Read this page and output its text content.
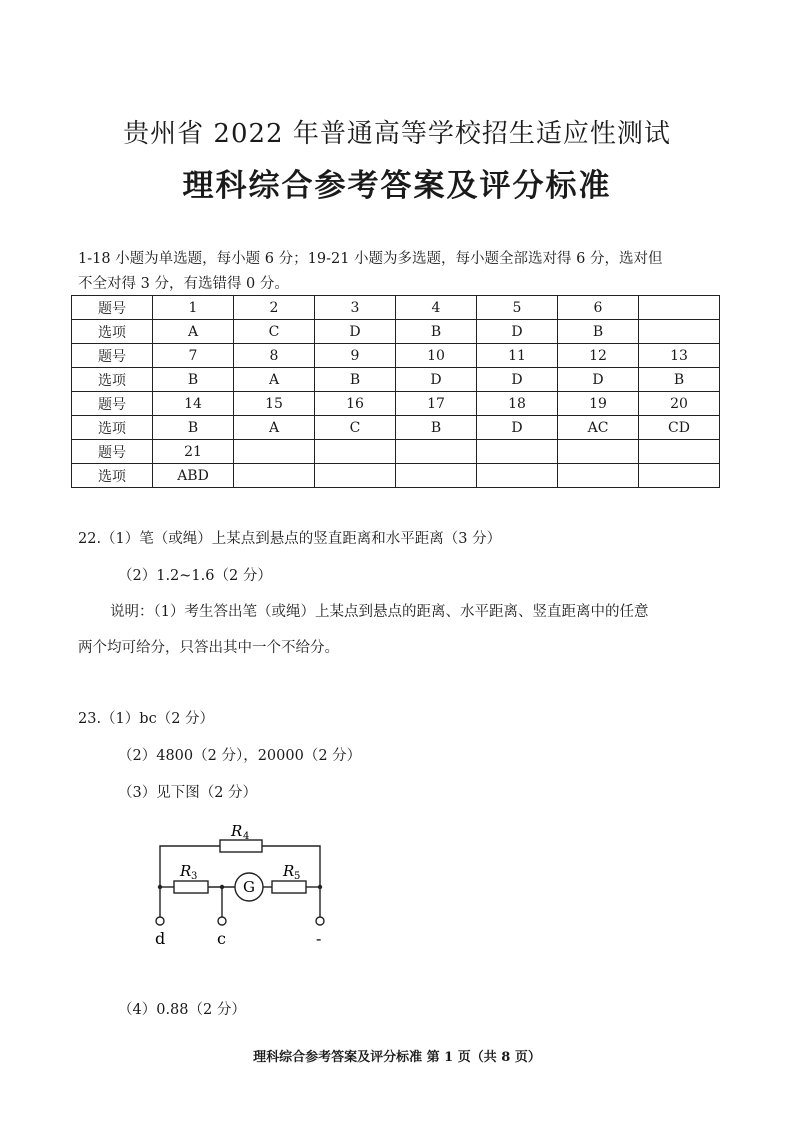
贵州省 2022 年普通高等学校招生适应性测试
理科综合参考答案及评分标准
1-18 小题为单选题，每小题 6 分；19-21 小题为多选题，每小题全部选对得 6 分，选对但
不全对得 3 分，有选错得 0 分。
题号	1	2	3	4	5	6	
选项	A	C	D	B	D	B	
题号	7	8	9	10	11	12	13
选项	B	A	B	D	D	D	B
题号	14	15	16	17	18	19	20
选项	B	A	C	B	D	AC	CD
题号	21						
选项	ABD						
22.（1）笔（或绳）上某点到悬点的竖直距离和水平距离（3 分）
（2）1.2~1.6（2 分）
说明：（1）考生答出笔（或绳）上某点到悬点的距离、水平距离、竖直距离中的任意
两个均可给分，只答出其中一个不给分。
23.（1）bc（2 分）
（2）4800（2 分），20000（2 分）
（3）见下图（2 分）
R 4
R 3
G
R 5
d	c	-
（4）0.88（2 分）
理科综合参考答案及评分标准 第 1 页（共 8 页）
